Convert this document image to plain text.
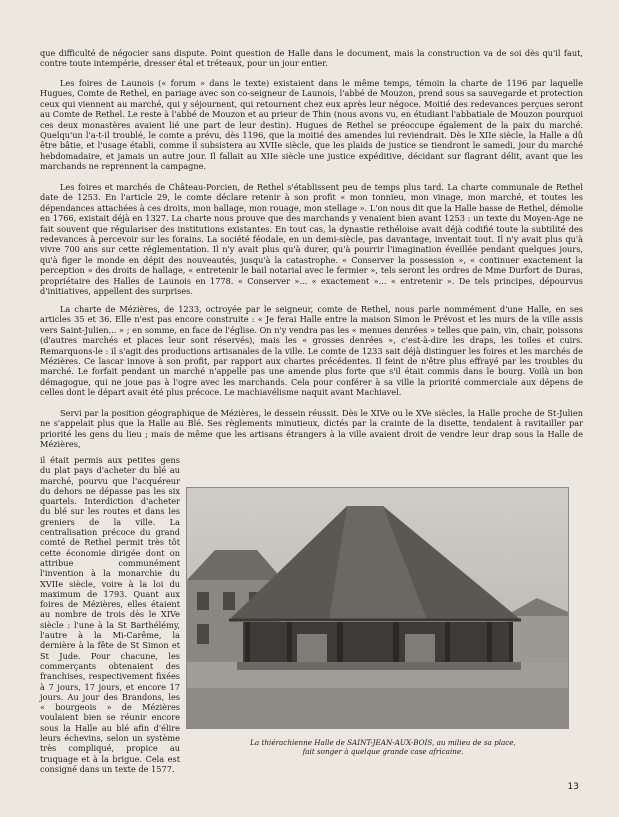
que difficulté de négocier sans dispute. Point question de Halle dans le document, mais la construction va de soi dès qu'il faut, contre toute intempérie, dresser étal et tréteaux, pour un jour entier.

Les foires de Launois (« forum » dans le texte) existaient dans le même temps, témoin la charte de 1196 par laquelle Hugues, Comte de Rethel, en pariage avec son co-seigneur de Launois, l'abbé de Mouzon, prend sous sa sauvegarde et protection ceux qui viennent au marché, qui y séjournent, qui retournent chez eux après leur négoce. Moitié des redevances perçues seront au Comte de Rethel. Le reste à l'abbé de Mouzon et au prieur de Thin (nous avons vu, en étudiant l'abbatiale de Mouzon pourquoi ces deux monastères avaient lié une part de leur destin). Hugues de Rethel se préoccupe également de la paix du marché. Quelqu'un l'a-t-il troublé, le comte a prévu, dès 1196, que la moitié des amendes lui reviendrait. Dès le XIIe siècle, la Halle a dû être bâtie, et l'usage établi, comme il subsistera au XVIIe siècle, que les plaids de justice se tiendront le samedi, jour du marché hebdomadaire, et jamais un autre jour. Il fallait au XIIe siècle une justice expéditive, décidant sur flagrant délit, avant que les marchands ne reprennent la campagne.

Les foires et marchés de Château-Porcien, de Rethel s'établissent peu de temps plus tard. La charte communale de Rethel date de 1253. En l'article 29, le comte déclare retenir à son profit « mon tonnieu, mon vinage, mon marché, et toutes les dépendances attachées à ces droits, mon hallage, mon rouage, mon stellage ». L'on nous dit que la Halle basse de Rethel, démolie en 1766, existait déjà en 1327. La charte nous prouve que des marchands y venaient bien avant 1253 : un texte du Moyen-Age ne fait souvent que régulariser des institutions existantes. En tout cas, la dynastie rethéloise avait déjà codifié toute la subtilité des redevances à percevoir sur les forains. La société féodale, en un demi-siècle, pas davantage, inventait tout. Il n'y avait plus qu'à vivre 700 ans sur cette réglementation. Il n'y avait plus qu'à durer, qu'à pourrir l'imagination éveillée pendant quelques jours, qu'à figer le monde en dépit des nouveautés, jusqu'à la catastrophe. « Conserver la possession », « continuer exactement la perception » des droits de hallage, « entretenir le bail notarial avec le fermier », tels seront les ordres de Mme Durfort de Duras, propriétaire des Halles de Launois en 1778. « Conserver »... « exactement »... « entretenir ». De tels principes, dépourvus d'initiatives, appellent des surprises.

La charte de Mézières, de 1233, octroyée par le seigneur, comte de Rethel, nous parle nommément d'une Halle, en ses articles 35 et 36. Elle n'est pas encore construite : « Je ferai Halle entre la maison Simon le Prévost et les murs de la ville assis vers Saint-Julien... » ; en somme, en face de l'église. On n'y vendra pas les « menues denrées » telles que pain, vin, chair, poissons (d'autres marchés et places leur sont réservés), mais les « grosses denrées », c'est-à-dire les draps, les toiles et cuirs. Remarquons-le : il s'agit des productions artisanales de la ville. Le comte de 1233 sait déjà distinguer les foires et les marchés de Mézières. Ce lascar innove à son profit, par rapport aux chartes précédentes. Il feint de n'être plus effrayé par les troubles du marché. Le forfait pendant un marché n'appelle pas une amende plus forte que s'il était commis dans le bourg. Voilà un bon démagogue, qui ne joue pas à l'ogre avec les marchands. Cela pour conférer à sa ville la priorité commerciale aux dépens de celles dont le départ avait été plus précoce. Le machiavélisme naquit avant Machiavel.

Servi par la position géographique de Mézières, le dessein réussit. Dès le XIVe ou le XVe siècles, la Halle proche de St-Julien ne s'appelait plus que la Halle au Blé. Ses règlements minutieux, dictés par la crainte de la disette, tendaient à ravitailler par priorité les gens du lieu ; mais de même que les artisans étrangers à la ville avaient droit de vendre leur drap sous la Halle de Mézières,

il était permis aux petites gens du plat pays d'acheter du blé au marché, pourvu que l'acquéreur du dehors ne dépasse pas les six quartels. Interdiction d'acheter du blé sur les routes et dans les greniers de la ville. La centralisation précoce du grand comté de Rethel permit très tôt cette économie dirigée dont on attribue communément l'invention à la monarchie du XVIIe siècle, voire à la loi du maximum de 1793. Quant aux foires de Mézières, elles étaient au nombre de trois dès le XIVe siècle : l'une à la St Barthélémy, l'autre à la Mi-Carême, la dernière à la fête de St Simon et St Jude. Pour chacune, les commerçants obtenaient des franchises, respectivement fixées à 7 jours, 17 jours, et encore 17 jours. Au jour des Brandons, les « bourgeois » de Mézières voulaient bien se réunir encore sous la Halle au blé afin d'élire leurs échevins, selon un système très compliqué, propice au truquage et à la brigue. Cela est consigné dans un texte de 1577.

La thiérachienne Halle de SAINT-JEAN-AUX-BOIS, au milieu de sa place,
fait songer à quelque grande case africaine.
13
